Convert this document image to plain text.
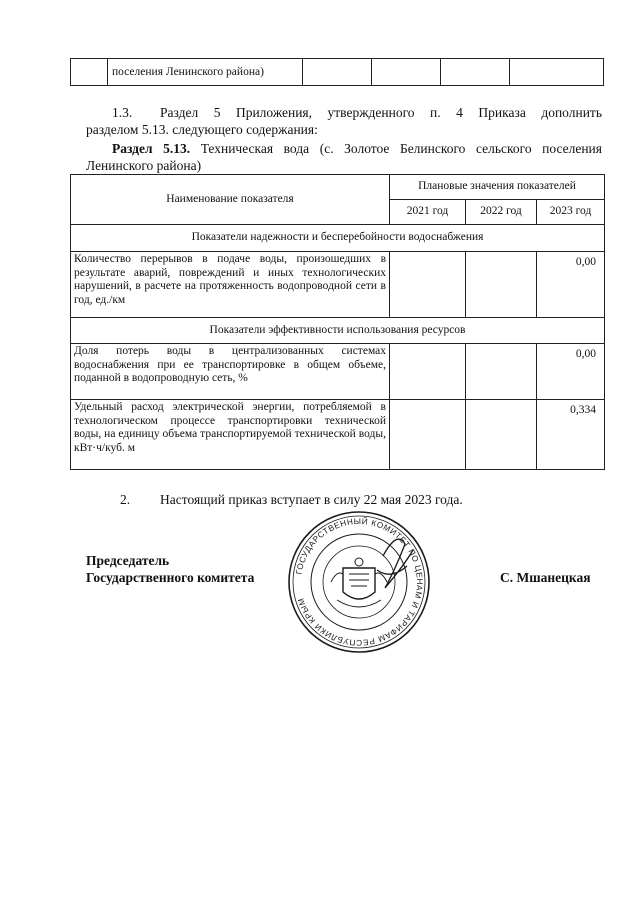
	поселения Ленинского района)				
1.3. Раздел 5 Приложения, утвержденного п. 4 Приказа дополнить
разделом 5.13. следующего содержания:
Раздел 5.13. Техническая вода (с. Золотое Белинского сельского поселения
Ленинского района)
Наименование показателя	Плановые значения показателей		
	2021 год	2022 год	2023 год
Показатели надежности и бесперебойности водоснабжения			
Количество перерывов в подаче воды, произошедших в результате аварий, повреждений и иных технологических нарушений, в расчете на протяженность водопроводной сети в год, ед./км			0,00
Показатели эффективности использования ресурсов			
Доля потерь воды в централизованных системах водоснабжения при ее транспортировке в общем объеме, поданной в водопроводную сеть, %			0,00
Удельный расход электрической энергии, потребляемой в технологическом процессе транспортировки технической воды, на единицу объема транспортируемой технической воды, кВт·ч/куб. м			0,334
2. Настоящий приказ вступает в силу 22 мая 2023 года.
Председатель
Государственного комитета	С. Мшанецкая
ГОСУДАРСТВЕННЫЙ КОМИТЕТ ПО ЦЕНАМ И ТАРИФАМ РЕСПУБЛИКИ КРЫМ
